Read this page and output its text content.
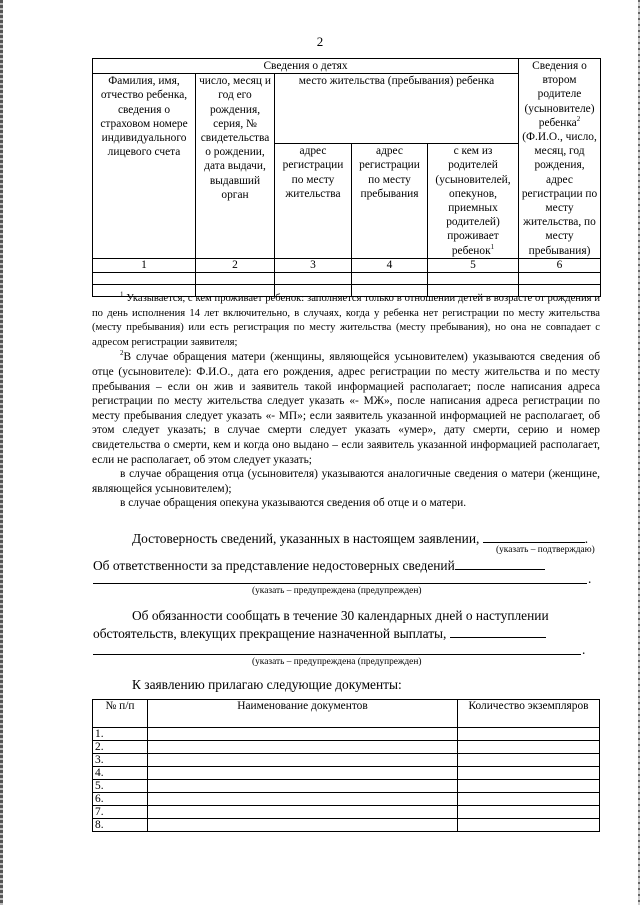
2
Сведения о детях					Сведения о втором родителе (усыновителе) ребенка$^2$ (Ф.И.О., число, месяц, год рождения, адрес регистрации по месту жительства, по месту пребывания)
Фамилия, имя, отчество ребенка, сведения о страховом номере индивидуального лицевого счета	число, месяц и год его рождения, серия, № свидетельства о рождении, дата выдачи, выдавший орган	место жительства (пребывания) ребенка			
		адрес регистрации по месту жительства	адрес регистрации по месту пребывания	с кем из родителей (усыновителей, опекунов, приемных родителей) проживает ребенок$^1$
1	2	3	4	5	6

$^1$ Указывается, с кем проживает ребенок: заполняется только в отношении детей в возрасте от рождения и по день исполнения 14 лет включительно, в случаях, когда у ребенка нет регистрации по месту жительства (месту пребывания) или есть регистрация по месту жительства (месту пребывания), но она не совпадает с адресом регистрации заявителя;

$^2$В случае обращения матери (женщины, являющейся усыновителем) указываются сведения об отце (усыновителе): Ф.И.О., дата его рождения, адрес регистрации по месту жительства и по месту пребывания – если он жив и заявитель такой информацией располагает; после написания адреса регистрации по месту жительства следует указать «- МЖ», после написания адреса регистрации по месту пребывания следует указать «- МП»; если заявитель указанной информацией не располагает, об этом следует указать; в случае смерти следует указать «умер», дату смерти, серию и номер свидетельства о смерти, кем и когда оно выдано – если заявитель указанной информацией располагает, если не располагает, об этом следует указать;

в случае обращения отца (усыновителя) указываются аналогичные сведения о матери (женщине, являющейся усыновителем);

в случае обращения опекуна указываются сведения об отце и о матери.

Достоверность сведений, указанных в настоящем заявлении,	.
(указать – подтверждаю)
Об ответственности за представление недостоверных сведений
.
(указать – предупреждена (предупрежден)
Об обязанности сообщать в течение 30 календарных дней о наступлении
обстоятельств, влекущих прекращение назначенной выплаты,
.
(указать – предупреждена (предупрежден)
К заявлению прилагаю следующие документы:
№ п/п	Наименование документов	Количество экземпляров
1.		
2.		
3.		
4.		
5.		
6.		
7.		
8.		
